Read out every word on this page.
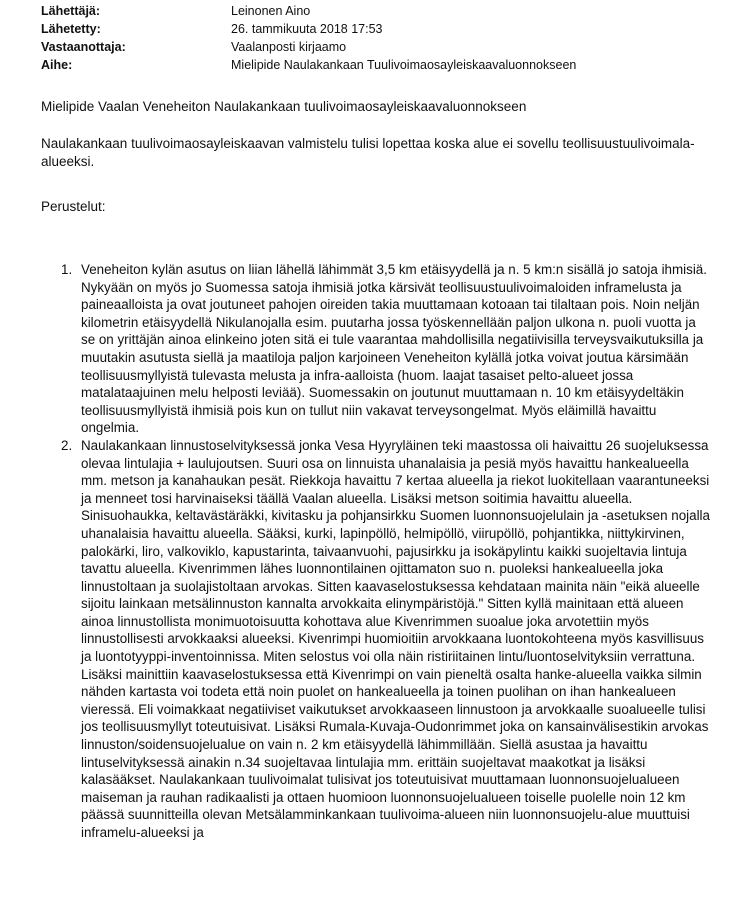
Lähettäjä:	Leinonen Aino
Lähetetty:	26. tammikuuta 2018 17:53
Vastaanottaja:	Vaalanposti kirjaamo
Aihe:	Mielipide Naulakankaan Tuulivoimaosayleiskaavaluonnokseen

Mielipide Vaalan Veneheiton Naulakankaan tuulivoimaosayleiskaavaluonnokseen

Naulakankaan tuulivoimaosayleiskaavan valmistelu tulisi lopettaa koska alue ei sovellu teollisuustuulivoimala-alueeksi.

Perustelut:

1. Veneheiton kylän asutus on liian lähellä lähimmät 3,5 km etäisyydellä ja n. 5 km:n sisällä jo satoja ihmisiä. Nykyään on myös jo Suomessa satoja ihmisiä jotka kärsivät teollisuustuulivoimaloiden inframelusta ja paineaalloista ja ovat joutuneet pahojen oireiden takia muuttamaan kotoaan tai tilaltaan pois. Noin neljän kilometrin etäisyydellä Nikulanojalla esim. puutarha jossa työskennellään paljon ulkona n. puoli vuotta ja se on yrittäjän ainoa elinkeino joten sitä ei tule vaarantaa mahdollisilla negatiivisilla terveysvaikutuksilla ja muutakin asutusta siellä ja maatiloja paljon karjoineen Veneheiton kylällä jotka voivat joutua kärsimään teollisuusmyllyistä tulevasta melusta ja infra-aalloista (huom. laajat tasaiset pelto-alueet jossa matalataajuinen melu helposti leviää). Suomessakin on joutunut muuttamaan n. 10 km etäisyydeltäkin teollisuusmyllyistä ihmisiä pois kun on tullut niin vakavat terveysongelmat. Myös eläimillä havaittu ongelmia.
2. Naulakankaan linnustoselvityksessä jonka Vesa Hyyryläinen teki maastossa oli haivaittu 26 suojeluksessa olevaa lintulajia + laulujoutsen. Suuri osa on linnuista uhanalaisia ja pesiä myös havaittu hankealueella mm. metson ja kanahaukan pesät. Riekkoja havaittu 7 kertaa alueella ja riekot luokitellaan vaarantuneeksi ja menneet tosi harvinaiseksi täällä Vaalan alueella. Lisäksi metson soitimia havaittu alueella. Sinisuohaukka, keltavästäräkki, kivitasku ja pohjansirkku Suomen luonnonsuojelulain ja -asetuksen nojalla uhanalaisia havaittu alueella. Sääksi, kurki, lapinpöllö, helmipöllö, viirupöllö, pohjantikka, niittykirvinen, palokärki, liro, valkoviklo, kapustarinta, taivaanvuohi, pajusirkku ja isokäpylintu kaikki suojeltavia lintuja tavattu alueella. Kivenrimmen lähes luonnontilainen ojittamaton suo n. puoleksi hankealueella joka linnustoltaan ja suolajistoltaan arvokas. Sitten kaavaselostuksessa kehdataan mainita näin "eikä alueelle sijoitu lainkaan metsälinnuston kannalta arvokkaita elinympäristöjä." Sitten kyllä mainitaan että alueen ainoa linnustollista monimuotoisuutta kohottava alue Kivenrimmen suoalue joka arvotettiin myös linnustollisesti arvokkaaksi alueeksi. Kivenrimpi huomioitiin arvokkaana luontokohteena myös kasvillisuus ja luontotyyppi-inventoinnissa. Miten selostus voi olla näin ristiriitainen lintu/luontoselvityksiin verrattuna. Lisäksi mainittiin kaavaselostuksessa että Kivenrimpi on vain pieneltä osalta hanke-alueella vaikka silmin nähden kartasta voi todeta että noin puolet on hankealueella ja toinen puolihan on ihan hankealueen vieressä. Eli voimakkaat negatiiviset vaikutukset arvokkaaseen linnustoon ja arvokkaalle suoalueelle tulisi jos teollisuusmyllyt toteutuisivat. Lisäksi Rumala-Kuvaja-Oudonrimmet joka on kansainvälisestikin arvokas linnuston/soidensuojelualue on vain n. 2 km etäisyydellä lähimmillään. Siellä asustaa ja havaittu lintuselvityksessä ainakin n.34 suojeltavaa lintulajia mm. erittäin suojeltavat maakotkat ja lisäksi kalasääkset. Naulakankaan tuulivoimalat tulisivat jos toteutuisivat muuttamaan luonnonsuojelualueen maiseman ja rauhan radikaalisti ja ottaen huomioon luonnonsuojelualueen toiselle puolelle noin 12 km päässä suunnitteilla olevan Metsälamminkankaan tuulivoima-alueen niin luonnonsuojelu-alue muuttuisi inframelu-alueeksi ja
